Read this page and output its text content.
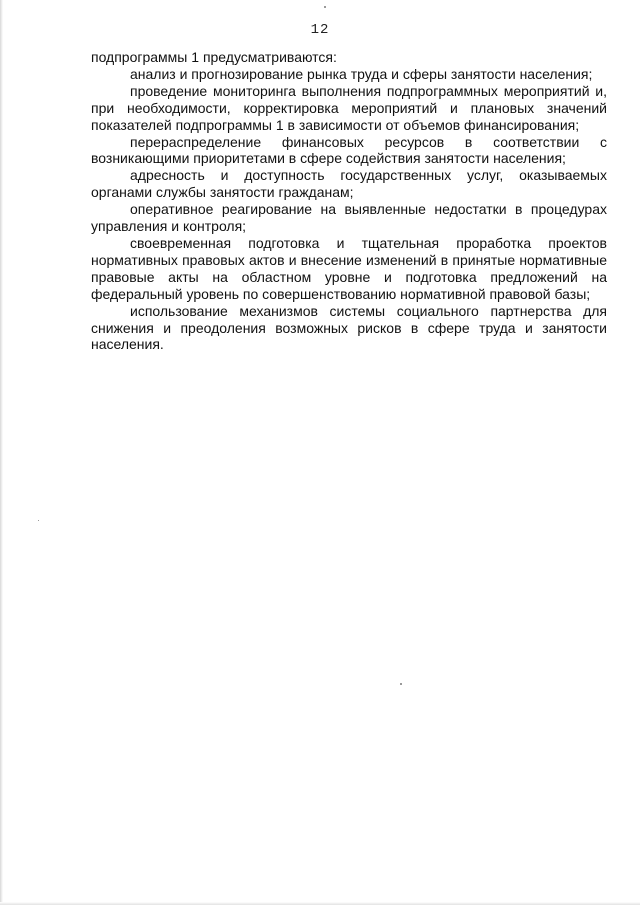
12

подпрограммы 1 предусматриваются:

анализ и прогнозирование рынка труда и сферы занятости населения;

проведение мониторинга выполнения подпрограммных мероприятий и, при необходимости, корректировка мероприятий и плановых значений показателей подпрограммы 1 в зависимости от объемов финансирования;

перераспределение финансовых ресурсов в соответствии с возникающими приоритетами в сфере содействия занятости населения;

адресность и доступность государственных услуг, оказываемых органами службы занятости гражданам;

оперативное реагирование на выявленные недостатки в процедурах управления и контроля;

своевременная подготовка и тщательная проработка проектов нормативных правовых актов и внесение изменений в принятые нормативные правовые акты на областном уровне и подготовка предложений на федеральный уровень по совершенствованию нормативной правовой базы;

использование механизмов системы социального партнерства для снижения и преодоления возможных рисков в сфере труда и занятости населения.
